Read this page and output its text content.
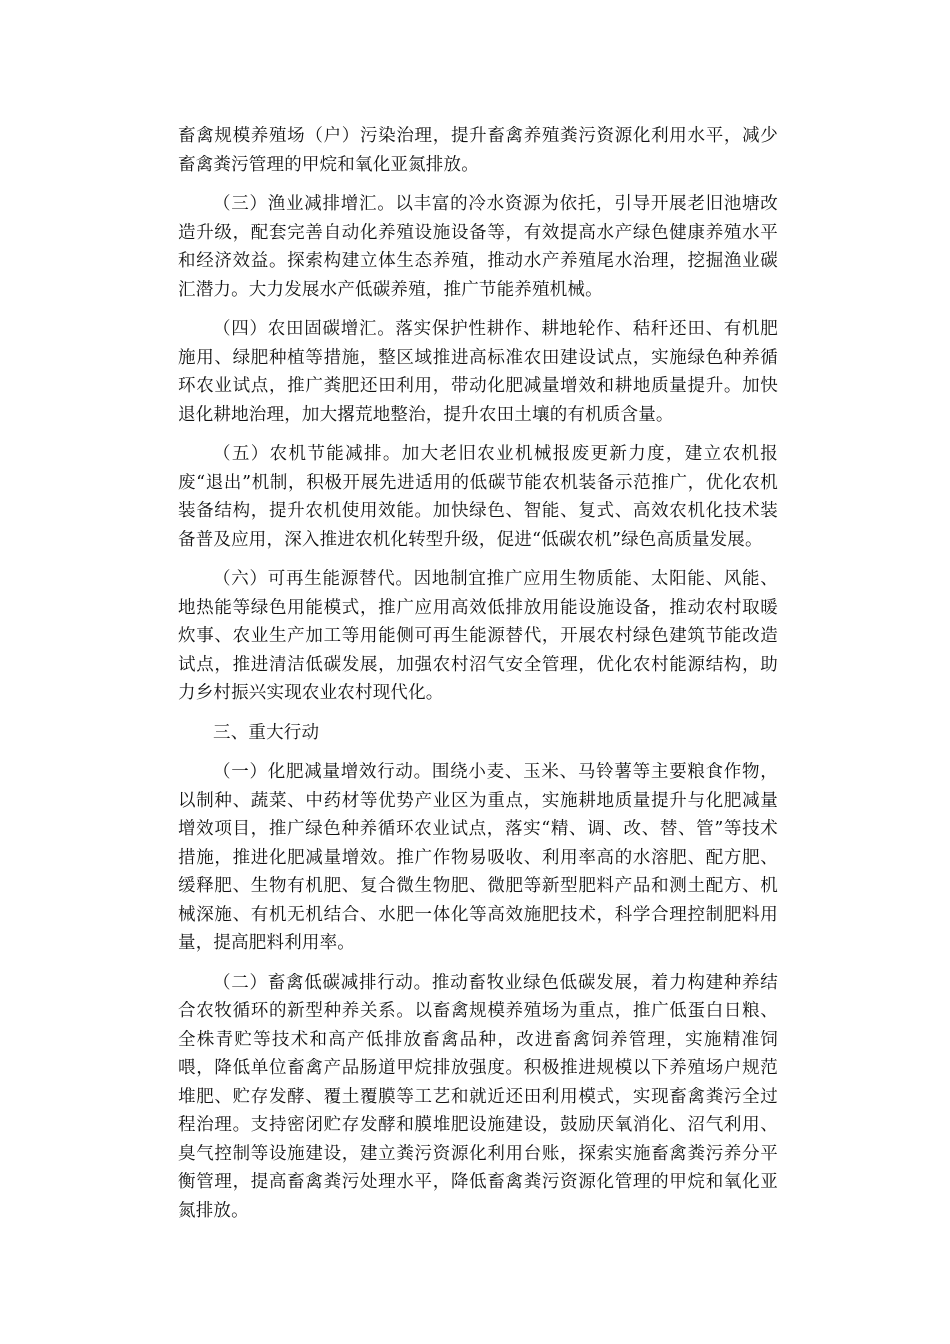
畜禽规模养殖场（户）污染治理，提升畜禽养殖粪污资源化利用水平，减少畜禽粪污管理的甲烷和氧化亚氮排放。

（三）渔业减排增汇。以丰富的冷水资源为依托，引导开展老旧池塘改造升级，配套完善自动化养殖设施设备等，有效提高水产绿色健康养殖水平和经济效益。探索构建立体生态养殖，推动水产养殖尾水治理，挖掘渔业碳汇潜力。大力发展水产低碳养殖，推广节能养殖机械。

（四）农田固碳增汇。落实保护性耕作、耕地轮作、秸秆还田、有机肥施用、绿肥种植等措施，整区域推进高标准农田建设试点，实施绿色种养循环农业试点，推广粪肥还田利用，带动化肥减量增效和耕地质量提升。加快退化耕地治理，加大撂荒地整治，提升农田土壤的有机质含量。

（五）农机节能减排。加大老旧农业机械报废更新力度，建立农机报废“退出”机制，积极开展先进适用的低碳节能农机装备示范推广，优化农机装备结构，提升农机使用效能。加快绿色、智能、复式、高效农机化技术装备普及应用，深入推进农机化转型升级，促进“低碳农机”绿色高质量发展。

（六）可再生能源替代。因地制宜推广应用生物质能、太阳能、风能、地热能等绿色用能模式，推广应用高效低排放用能设施设备，推动农村取暖炊事、农业生产加工等用能侧可再生能源替代，开展农村绿色建筑节能改造试点，推进清洁低碳发展，加强农村沼气安全管理，优化农村能源结构，助力乡村振兴实现农业农村现代化。

三、重大行动

（一）化肥减量增效行动。围绕小麦、玉米、马铃薯等主要粮食作物，以制种、蔬菜、中药材等优势产业区为重点，实施耕地质量提升与化肥减量增效项目，推广绿色种养循环农业试点，落实“精、调、改、替、管”等技术措施，推进化肥减量增效。推广作物易吸收、利用率高的水溶肥、配方肥、缓释肥、生物有机肥、复合微生物肥、微肥等新型肥料产品和测土配方、机械深施、有机无机结合、水肥一体化等高效施肥技术，科学合理控制肥料用量，提高肥料利用率。

（二）畜禽低碳减排行动。推动畜牧业绿色低碳发展，着力构建种养结合农牧循环的新型种养关系。以畜禽规模养殖场为重点，推广低蛋白日粮、全株青贮等技术和高产低排放畜禽品种，改进畜禽饲养管理，实施精准饲喂，降低单位畜禽产品肠道甲烷排放强度。积极推进规模以下养殖场户规范堆肥、贮存发酵、覆土覆膜等工艺和就近还田利用模式，实现畜禽粪污全过程治理。支持密闭贮存发酵和膜堆肥设施建设，鼓励厌氧消化、沼气利用、臭气控制等设施建设，建立粪污资源化利用台账，探索实施畜禽粪污养分平衡管理，提高畜禽粪污处理水平，降低畜禽粪污资源化管理的甲烷和氧化亚氮排放。
